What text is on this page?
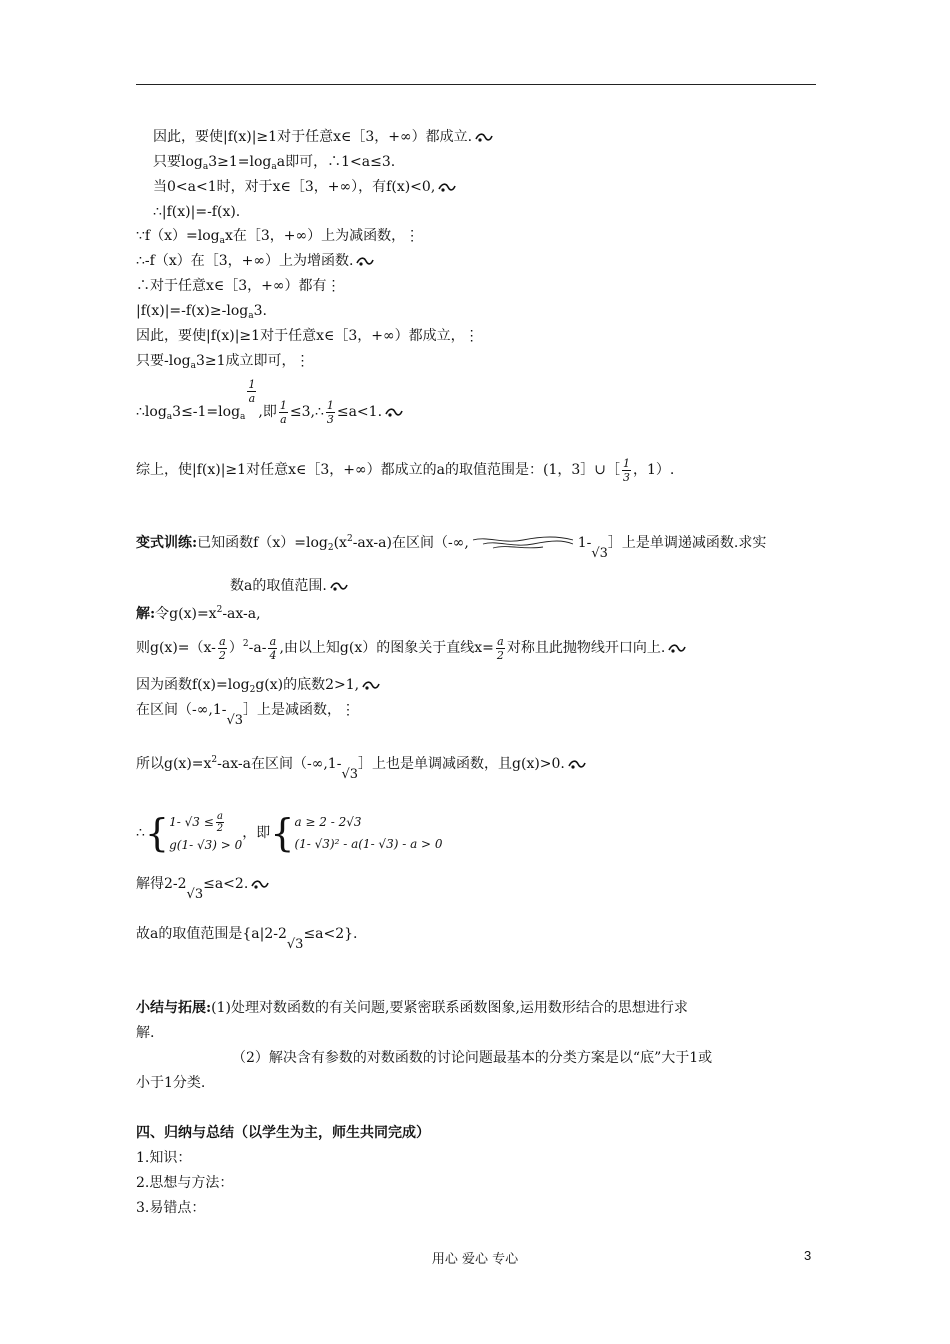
因此，要使|f(x)|≥1对于任意x∈［3，+∞）都成立.
只要$\log_a3\ge 1=\log_aa$即可，∴1<a≤3.
当0<a<1时，对于x∈［3，+∞），有f(x)<0,
∴|f(x)|=-f(x).
$\because f(x)=\log_ax$在［3，+∞）上为减函数，⋮
∴-f（x）在［3，+∞）上为增函数.
∴对于任意x∈［3，+∞）都有⋮
$|f(x)|=-f(x)\ge-\log_a3$.
因此，要使|f(x)|≥1对于任意x∈［3，+∞）都成立，⋮
只要$-\log_a3\ge 1$成立即可，⋮
$\therefore\log_a3\le-1=\log_a$
$\frac{1}{a}$
,即 $\frac{1}{a}$ ≤3,∴ $\frac{1}{3} \le a<1$.
综上，使|f(x)|≥1对任意x∈［3，+∞）都成立的a的取值范围是：(1，3］∪［ $\frac{1}{3}$ ，1）.
变式训练:已知函数$f(x)=\log_2(x^2-ax-a)$在区间（-∞,	1-√3］上是单调递减函数.求实
数a的取值范围.
解:令$g(x)=x^2-ax-a$,
则$g(x)=(x- \frac{a}{2} )^2-a- \frac{a}{4}$ ,由以上知g(x）的图象关于直线$x= \frac{a}{2}$ 对称且此抛物线开口向上.
因为函数$f(x)=\log_2g(x)$的底数2>1,
在区间（-∞,1-√3］上是减函数，⋮
所以$g(x)=x^2-ax-a$在区间（-∞,1-√3］上也是单调减函数，且g(x)>0.
∴{ 1- $√3 \le \frac{a}{2}$
g(1- √3) > 0
，即{ a ≥ 2 - 2√3
(1- √3)² - a(1- √3) - a > 0
解得2-2√3≤a<2.
故a的取值范围是{a|2-2√3≤a<2}.
小结与拓展:(1)处理对数函数的有关问题,要紧密联系函数图象,运用数形结合的思想进行求
解.
（2）解决含有参数的对数函数的讨论问题最基本的分类方案是以“底”大于1或
小于1分类.
四、归纳与总结（以学生为主，师生共同完成）
1.知识：
2.思想与方法：
3.易错点：
用心 爱心 专心	3
